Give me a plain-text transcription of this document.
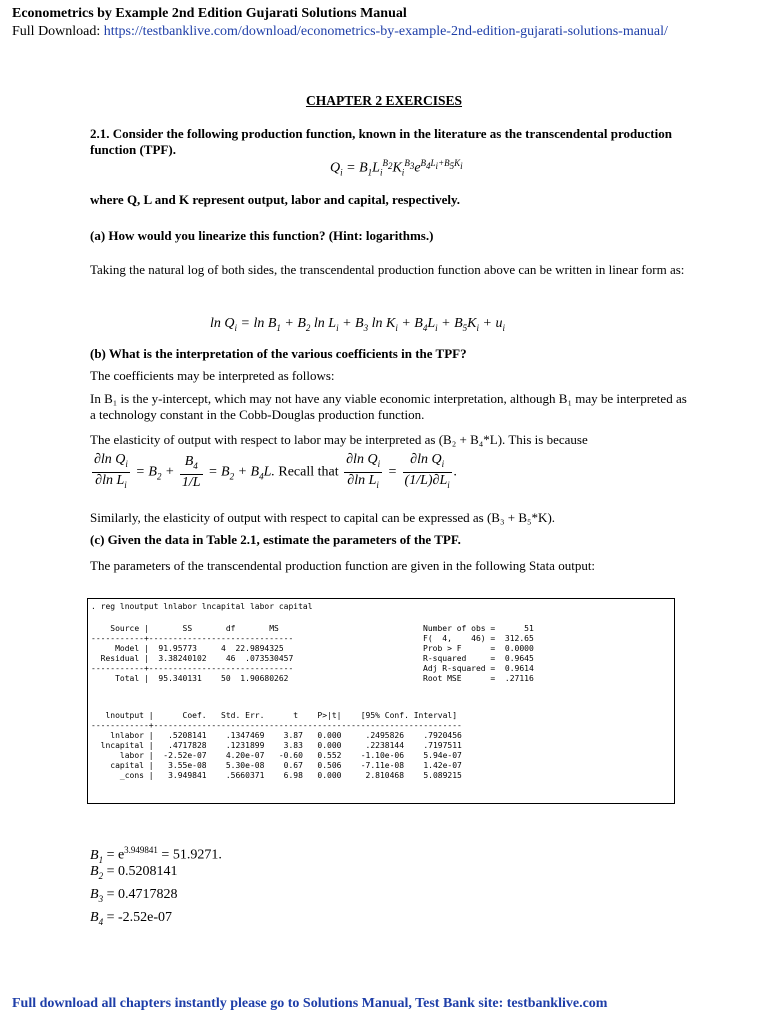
Econometrics by Example 2nd Edition Gujarati Solutions Manual
Full Download: https://testbanklive.com/download/econometrics-by-example-2nd-edition-gujarati-solutions-manual/
CHAPTER 2 EXERCISES
2.1. Consider the following production function, known in the literature as the transcendental production function (TPF).
$Q_i = B_1L_i^{B_2}K_i^{B_3}e^{B_4L_i+B_5K_i}$
where Q, L and K represent output, labor and capital, respectively.
(a) How would you linearize this function? (Hint: logarithms.)
Taking the natural log of both sides, the transcendental production function above can be written in linear form as:
$\ln Q_i = \ln B_1 + B_2$ $\ln L_i + B_3$ $\ln K_i + B_4L_i + B_5K_i + u_i$
(b) What is the interpretation of the various coefficients in the TPF?
The coefficients may be interpreted as follows:
In B₁ is the y-intercept, which may not have any viable economic interpretation, although B₁ may be interpreted as a technology constant in the Cobb-Douglas production function.
The elasticity of output with respect to labor may be interpreted as (B₂ + B₄*L). This is because
$\frac{\partial\ln Q_i}{\partial\ln L_i} = B_2 + \frac{B_4}{1/L} = B_2 + B_4L$. Recall that $\frac{\partial\ln Q_i}{\partial\ln L_i} = \frac{\partial\ln Q_i}{(1/L)\partial L_i}$ .
Similarly, the elasticity of output with respect to capital can be expressed as (B₃ + B₅*K).
(c) Given the data in Table 2.1, estimate the parameters of the TPF.
The parameters of the transcendental production function are given in the following Stata output:
. reg lnoutput lnlabor lncapital labor capital
Source |       SS       df       MS
-----------+------------------------------
Model |  91.95773     4  22.9894325
Residual |  3.38240102    46  .073530457
-----------+------------------------------
Total |  95.340131    50  1.90680262
Number of obs =      51
F(  4,    46) =  312.65
Prob > F      =  0.0000
R-squared     =  0.9645
Adj R-squared =  0.9614
Root MSE      =  .27116
lnoutput |      Coef.   Std. Err.      t    P>|t|    [95% Conf. Interval]
------------+----------------------------------------------------------------
lnlabor |   .5208141    .1347469    3.87   0.000     .2495826    .7920456
lncapital |   .4717828    .1231899    3.83   0.000     .2238144    .7197511
labor |  -2.52e-07    4.20e-07   -0.60   0.552    -1.10e-06    5.94e-07
capital |   3.55e-08    5.30e-08    0.67   0.506    -7.11e-08    1.42e-07
_cons |   3.949841    .5660371    6.98   0.000     2.810468    5.089215
$B_1 = e^{3.949841} = 51.9271$.
$B_2 = 0.5208141$
$B_3 = 0.4717828$
$B_4 = -2.52e-07$
Full download all chapters instantly please go to Solutions Manual, Test Bank site: testbanklive.com
